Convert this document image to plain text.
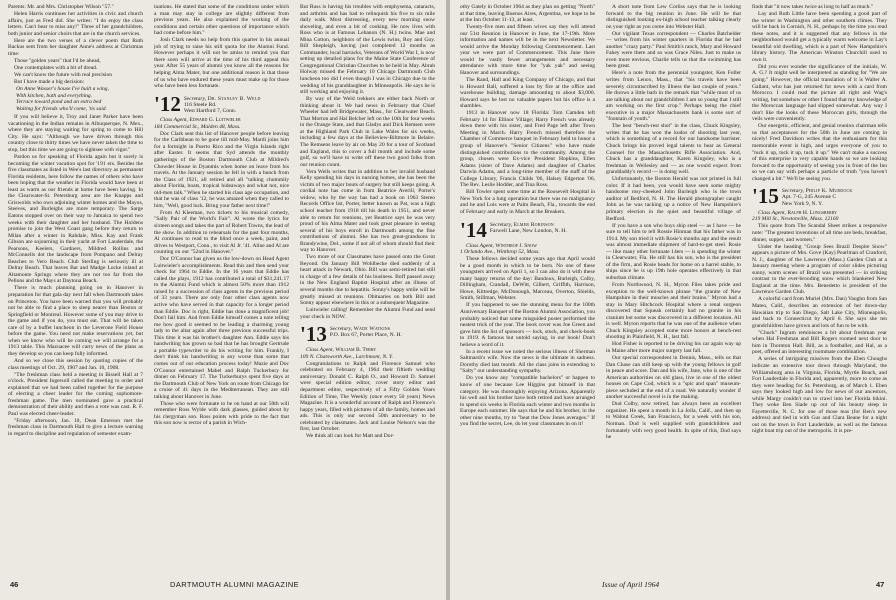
Parents: Mr. and Mrs. Christopher Wilson "57."

Helen Harris continues her activities in civic and church affairs, just as Fred did. She writes: "I do enjoy the class letters. Can't bear to miss any!" Three of her grandchildren, both junior and senior choirs that are in the church services.

Here are the two verses of a clever poem that Ruth Backus sent from her daughter Anne's address at Christmas time:

Those "golden years" that I'd be ahead,

One contemplates with a bit of dread.

We can't know the future with real precision

But I have made a big decision:

On Anne Wasser's house I've built a wing,
With kitchen, bath and everything.
Terrace toward pond and an extra bed
Waiting for friends who'll come, 'tis said.

If you will believe it, Troy and Janet Parker have been vacationing in the Indian remains in Albuquerque, N. Mex., where they are staying waiting for spring to come to Hill City. He says: "Although we have driven through this country close to thirty times we have never taken the time to stop, but this time we are going to sightsee with vigor."

Pardon us for speaking of Florida again but it surely is becoming the winter vacation spot for '191 ers. Besides the five classmates as listed in Wee's last directory as permanent Florida residents, here follow the names of others who have been hoping that the weather in Florida would have been at least as warm as our friends at home have been having. In the Clearwater-St. Petersburg area are the Knapps and Griswolds who own adjoining winter homes and the Mayos, Steeves, and Burleighs are more temporary. The Sarge Eatons stopped over on their way to Jamaica to spend two weeks with their daughter and her husband. The Holdens promise to join the West Coast gang before they return to Milan after a winter in Rahdale, Miss. Kay and Frank Gibson are sojourning in their yacht at Fort Lauderdale, the Pearsons, Keelers, Gardners, Mildred Rollins and McConnells dot the landscape from Pompano and Delray Beaches to Vero Beach. Club Sterling is seriously ill at Delray Beach. That leaves Bar and Madge Locke inland at Altamonte Springs where they are not too far from the Pellons and the Mays at Daytona Beach.

There is much planning going on in Hanover in preparation for that gala day next fall when Dartmouth takes on Princeton. You have been warned that you will probably not be able to find a place to sleep nearer than Boston or Springfield or Montreal. However some of you may drive to the game and if you do, you must eat. That will be taken care of by a buffet luncheon in the Leverone Field House before the game. You need not make reservations yet, but when we know who will be coming we will arrange for a 1913 table. This Mazuacee will carry news of the plans as they develop so you can keep fully informed.

And so we close this session by quoting copies of the class meetings of Oct. 29, 1907 and Jan. 10, 1908.

"The freshman class held a meeting in Bissell Hall at 7 o'clock. President Ingersoll called the meeting to order and explained that we had been called together for the purpose of electing a cheer leader for the coming sophomore-freshman game. The men nominated gave a practical demonstration of their ability and then a vote was cast. R. F. Paul was elected cheer-leader.

"Friday afternoon, Jan. 10, Dean Emerson met the freshman class in Dartmouth Hall to give a lecture warning in regard to discipline and regulation of semester exam-

inations. He stated that some of the conditions under which a man may stay in college are slightly different from previous years. He also explained the working of the conditions and certain other questions of importance which had come before him."

Josh Clark needs no help from this quarter in his annual job of trying to raise his still quota for the Alumni Fund. However perhaps it will not be amiss to remind you that there soon will arrive at the time of his third appeal this year. After 55 years of alumni you know all the reasons for helping Alma Mater, but one additional reason is that those of us who have endured these years must make up for those who have been less fortunate.

'12 Secretary, Dr. Stanley B. Weld
116 Steele Rd.
West Hartford 7, Conn.

Class Agent, Edward G. Luitwieler
184 Commercial St., Malden 48, Mass.

Doc Clark sent this list of Hanover people before leaving for the Caribbean to be gone till mid-May. Mardi joins him for a fortnight in Puerto Rico and the Virgin Islands right after Easter. It seems that Syd attends the monthly gatherings of the Boston Dartmouth Club at Mildred's Chowder House in Dyanmis when home on leave from his travels. At the January session he fell in with a bunch from the Class of 1921, all retired and all "talking chummily about Florida, boats, tropical hideaways and what not, nice old-men talk." When he started his class age occupation, and that he was of class '12, he was amazed when they called to him, "Well, good luck. Bring your father next time!"

From Al Kleeman, two tickets to his musical comedy, "Sally Pair of the World's Fair". Al wrote the lyrics for sixteen songs and takes the part of Robert Towns, the lead of the show. In addition to rehearsals for the past four months, Al continues to read to the blind once a week, paint, and drives to Westport, Conn., to visit Al Jr. '41. Aline and Al are counting on our "52nd in Hanover."

Doc O'Connor has given us the low-down on Head Agent Luitwieler's accomplishments. Read this and then send your check for 1964 to Eddie. In the 16 years that Eddie has called the plays, 1912 has contributed a total of $31,241.17 to the Alumni Fund which is almost 50% more than 1912 raised by a succession of class agents in the previous period of 33 years. There are only four other class agents now active who have served in that capacity for a longer period than Eddie. Doc is right, Eddie has done a magnificent job! Don't fail him. And from Eddie himself comes a note telling me how good it seemed to be leading a charming young lady to the altar again after three previous successful trips. This time it was his brother's daughter Ann. Eddie says his handwriting has grown so bad that he has brought Gertrude a portable typewriter to do his writing for him. Frankly, I don't think his handwriting is any worse than some that comes out of our education process today! Mazie and Doc O'Connor entertained Mabel and Ralph Tuckerbury for dinner on February 17. The Tuckerburys spent five days at the Dartmouth Club of New York on route from Chicago for a cruise of 41 days in the Mediterranean. They are still talking about Hanover in June.

Those who were fortunate to be on hand at our 50th will remember Ross Wylde with dark glasses, guided about by his clergyman son. Ross points with pride to the fact that this son now is rector of a parish in Wich-

But Russ is having his troubles with emphysema, cataracts, and arthritis and has had to relinquish his five to six mile daily walk. Most distressing, every new morning snow shoveling, and even a bit of cooking. He now lives with Ross who is at Famous Lebanon (N. H.) twins. Mae and Mina Cotton, neighbors of the Lewis twins, Roy and Guy. Bill Shepleigh, having just completed 12 months as Commander, local barracks, Veterans of World War I, is now setting up detailed plans for the Maine State Conference of Congregational Christian Churches to be held in May. Abrah Holway missed the February 10 Chicago Dartmouth Club luncheon too did I even though I was in Chicago due to the wedding of his granddaughter in Minneapolis. He says he is still working and enjoying it.

By way of the Weld trekkers are either back North or thinking about it. We had news in February that Chief Wheeler had left Bridgewater, Mass., for Clearwater Beach. That Morton and Hal Belcher left on the 10th for four weeks in the Orange State, and that Gladys and Dick Remsen were at the Highland Park Club in Lake Wales for six weeks, including a few days at the Belleview-Biltmore in Belaire. The Remsens leave by air on May 20 for a tour of Scotland and England, this to cover a full month and include some golf, so we'll have to write off these two good folks from our reunion count.

Vera Wells writes that in addition to her invalid husband Kelly spending his days in nursing homes, she has been the victim of two major bouts of surgery but still keeps going. A cordial note has come in from Beatrice Averill, Porter's widow, who by the way has had a book on 1963 Stereo Records Office list, Porter, better known as Pat, was a high school teacher from 1918 till his death in 1951, and never able to return for reunions, yet Beatrice says he was very proud of his Alma Mater and took great pleasure in seeing several of his boys enroll in Dartmouth among the fine contributions of alumni. She has two great-grandsons in Brandywine, Del., some if not all of whom should find their way to Hanover.

Two more of our Classmates have passed onto the Great Beyond. On January Bill Wohlbecke died suddenly of a heart attack in Newark, Ohio. Bill was semi-retired but still in charge of a few details of his business. Boff passed away in the New England Baptist Hospital after an illness of several months due to hepatitis. Sonny's happy smile will be greatly missed at reunions. Obituaries on both Bill and Sonny appear elsewhere in this or a subsequent Magazine.

Luitwieler calling! Remember the Alumni Fund and send your check in NOW.

'13 Secretary, Wade Watkins
P.O. Box 67, Porter Place, N. H.

Class Agent, William B. Terry
109 N. Chatsworth Ave., Larchmont, N. Y.

Congratulations to Ralph and Florence Samuel who celebrated on February 4, 1964 their fiftieth wedding anniversary. Donald C. Ralph O., and Howard D. Samuel were special edition editor, cover story editor and department editor, respectively of a Fifty Golden Years Edition of Time, The Weekly (once every 50 years) News Magazine. It is a wonderful account of Ralph and Florence's happy years, filled with pictures of all the family, homes and ads. This is only our second 50th anniversary to be celebrated by classmates. Jack and Louise Nelson's was the first, last October.

We think all can look for Matt and Dor-

46	DARTMOUTH ALUMNI MAGAZINE

othy Gately in October 1964 as they plan on getting "North" at that time, leaving Buenos Aires, Argentina, we hope to be at the Inn October 11-13, at least.

Twenty-five men and fifteen wives say they will attend our 51st Reunion in Hanover in June, the 17-19th. More information and names will be in the next Newsletter. We would arrive the Monday following Commencement. Last year we were part of Commencement. This June there would be vastly fewer arrangements and necessary attendance with more time for "yak yak" and seeing Hanover and surroundings.

The Rand, Hall and King Company of Chicago, and that is Howard Ball, suffered a loss by fire at the office and warehouse building, damage amounting to about $3,000. Howard says he lost no valuable papers but his office is a shambles.

1913 in Hanover now 18 Florida: Tom Camden left February 14 for Ellinor Village; Harry French was already down there with his sister, and Fred Page left after Town Meeting in March. Harry French missed therefore the Chamber of Commerce banquet in February held to honor a group of Hanover's "Senior Citizens" who have made distinguished contributions to the community. Among the group, chosen were Ex-vice President Hopkins, Ellen Adams (sister of Dave Adams) and daughter of Charles Darwin Adams, and a long-time member of the staff of the College Library, Francis Childs '06, Halsey Edgerton '06, The Rev. Leslie Hodder, and Tina Ross.

Bill Towler spent some time at the Roosevelt Hospital in New York for a lung operation but there was no malignancy and he and Lois were at Palm Beach, Fla., towards the end of February and early in March at the Breakers.

'14 Secretary, Elmer Robinson
Farwell Lane, New London, N. H.

Class Agent, Winthrop J. Snow
1 Orlando Ave., Winthrop 52, Mass.

These fellows decided some years ago that April would be a good month in which to be born. No one of these youngsters arrived on April 1, so I can also do it with these many happy returns of the day: Bandoux, Burleigh, Colby, Dillingham, Crandall, DeWitt, Gilbert, Griffith, Harrison, Howe, Kittredge, McDonough, Marceau, Overton, Shields, Smith, Stillman, Webster.

If you happened to see the stunning menu for the 100th Anniversary Banquet of the Boston Alumni Association, you probably noticed that some misguided poster performed the neatest trick of the year. The book cover was Joe Green and gave him the list of sponsors — lock, stock, and check-book to 1919. A famous but untold saying, in our book! Don't believe a word of it.

In a recent issue we noted the serious illness of Sherman Saltmarsh's wife. Now the news is the ultimate in sadness. Dorothy died last month. All the class joins in extending to "Salty" our understanding sympathy.

Do you know any "compatible bachelors" or happen to know of one because Lee Higgins put himself in that category. He was thoroughly enjoying Arizona. Apparently his well and his brother have both retired and have arranged to spend six weeks in Florida each winter and two months in Europe each summer. He says that he and his brother, in the other nine months, try to "beat the Dow Jones averages." If you find the secret, Lee, do let your classmates in on it!

A short note from Lew Corliss says that he is looking forward to the big reunion in June. He will be that distinguished looking ex-high school teacher talking clearly on your right as you come into Webster Hall.

Our vigilant Texas correspondent — Charles Batchelder — writes from his winter quarters in Florida that he had another "crazy party." Paul Smith's ranch, Mary and Howard Fahey were there and so was Grace Niles. Just to make us even more envious, Charlie tells us that the swimming has been great.

Here's a note from the perennial youngster, Ken Fuller writes from Lenox, Mass., that "his travels have been severely circumscribed by illness the last couple of years." He throws a little barb in the remark that "while most of us are talking about our grandchildren I am so young that I still am working on the first crop." Perhaps being the chief executive in a major Massachusetts bank is some sort of "fountain of youth."

The best "bench-rest shot" in the class, Chuck Kingsley, writes that he has won the kudos of shooting last year, which is something of a record for our handsome barrister. Chuck brings his proved legal talents to bear as General Counsel for the Massachusetts Rifle Association. And, Chuck has a granddaughter, Karen Kingsley, who is a freshman in Wellesley and — as one would expect from granddaddy's record — is doing well.

Unfortunately, the Boston Herald was not printed in full color. If it had been, you would have seen some mighty handsome rosy-cheeked John Burleigh who is the town auditor of Bedford, N. H. The Herald photographer caught John as he was tacking up a notice of New Hampshire's primary election in the quiet and beautiful village of Bedford.

If you have a son who buys ship steel — as I have — be sure to tell him to tell Rossie Hinman that his father was in 1914. My son tried it with Rosie's months ago and the result was almost immediate shipment of hard-to-get steel. Rosie — like many other fortunate 14ers — is spending the winter in Clearwater, Fla. He still has his son, who is the president of the firm, and Rosie heads for home on a barrel stable, to ships since he is up 19th hole operates effectively in that suburban climate.

From Northwood, N. H., Myron Files takes pride and exception to the well-known phrase "the granite of New Hampshire in their muscles and their brains." Myron had a stay in Mary Hitchcock Hospital where a renal surgeon discovered that Squeak certainly had no granite in his cranium but some was discovered in a different location. All is well. Myron reports that he was one of the audience when Chuck Kingsley accepted some more honors at bench-rest shooting in Plainfield, N. H., last fall.

Hod Fisher is reported to be driving his car again way up in Maine after more major surgery last fall.

Our special correspondent in Dennis, Mass., tells us that Dan Chase can still keep up with the young fellows in golf in peace and score. Dan and his wife, Jane, who is one of the American authorities on old glass, live in one of the oldest houses on Cape Cod, which is a "spic and span" museum-piece secluded at the end of a road. We naturally wonder if another successful novel is in the making.

Dud Colby, now retired, has always been an excellent organizer. He spent a month in La Jolla, Calif., and then up to Walnut Creek, San Francisco, for a week with his son, Norman. Dud is well supplied with grandchildren and fortunately with very good health. In spite of this, Dud says he

finds that "it now takes twice as long to half as much."

Lay and Ruth Little have been spending a good part of the winter in Washington and other southern climes. They will be back in Cornish, N. H., perhaps by the time you read these notes, and it is suggested that any fellows in the neighborhood would get a typically warm welcome in Lay's beautiful old dwelling, which is a part of New Hampshire's library history. The American Winston Churchill used to own it.

Did you ever wonder the significance of the initials, W. A. G.? It might well be interpreted as standing for "We are going." However, the official translation of it is Walter A. Gallant, who has just returned for news with a card from Morocco. I could read the picture all right and Wag's writing, but somehow or other I found that my knowledge of the Moroccan language had slipped somewhat. Any way I don't like the looks of these Moroccan girls, through the veils were conveniently.

Our energetic, efficient, and genial reunion chairman tells us that acceptances for the 50th in June are coming in nicely! Fred Davidson writes that the enthusiasm for this memorable event is high, and urges everyone of you to "tuck it up, tuck it up, tuck it up." We can't make a success of this enterprise in very capable hands so we are looking forward to the opportunity of seeing you in front of the Inn so we can say with perhaps a particle of truth "you haven't changed a bit." We'll be seeing you.

'15 Secretary, Philip K. Murdock
Apt. 7-G, 245 Avenue C
New York 9, N. Y.

Class Agent, Ralph H. Longsberry
219 Mill St., Newtonville, Mass. 12160

This quote from The Scandal Sheet strikes a responsive note: "The greatest inventions of all time are beds, breakfast, dinner, supper, and women."

Under the heading "Group Sees Brazil Despite Snow" appears a picture of Mrs. Gove (Kay) Pearlman of Cranford, N. J., daughter of the Lawrence (Mass.) Garden Club at a January meeting where a program of color slides picturing sunny, warm scenes of Brazil was presented — in striking contrast to the ever-brooding snow which blanketed New England at the time. Mrs. Benedetto is president of the Lawrence Garden Club.

A colorful card from Muriel (Mrs. Dan) Vaughn from San Mateo, Calif., describes an extension of her down-day Hawaiian trip to San Diego, Salt Lake City, Minneapolis, and back to Connecticut by April 8. She says she ten grandchildren have grown and lots of fun to be with.

"Chuck" Ingram reminisces a bit about freshman year when Hal Freshman and Bill Rogers roomed next door to him in Thornton Hall. Bill, as a footballer, and Hal, as a poet, offered an interesting roommate combination.

A series of intriguing missives from the Eben Choughs indicate an extensive tour down through Maryland, the Williamsburg area in Virginia, Florida, Myrtle Beach, and Fort Lauderdale in Florida and, apparently, more to come as they were heading for St. Petersburg, as of March 1. Eben says they looked high and low for news of our ancestors, while Margy couldn't run to crawl into her Florida bikini. They woke Ben Slade up out of his beauty sleep in Fayetteville, N. C. for one of those teas (for Ben's new address) and tied in with Gus and Clara Beane for a night out on the town in Fort Lauderdale, as well as the famous night boat trip out of the metropolis. It is pre-

Issue of April 1964	47
